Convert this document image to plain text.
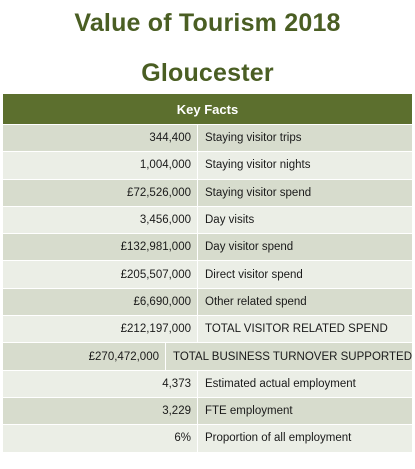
Value of Tourism 2018
Gloucester
Key Facts
344,400	Staying visitor trips
1,004,000	Staying visitor nights
£72,526,000	Staying visitor spend
3,456,000	Day visits
£132,981,000	Day visitor spend
£205,507,000	Direct visitor spend
£6,690,000	Other related spend
£212,197,000	TOTAL VISITOR RELATED SPEND
£270,472,000	TOTAL BUSINESS TURNOVER SUPPORTED
4,373	Estimated actual employment
3,229	FTE employment
6%	Proportion of all employment
